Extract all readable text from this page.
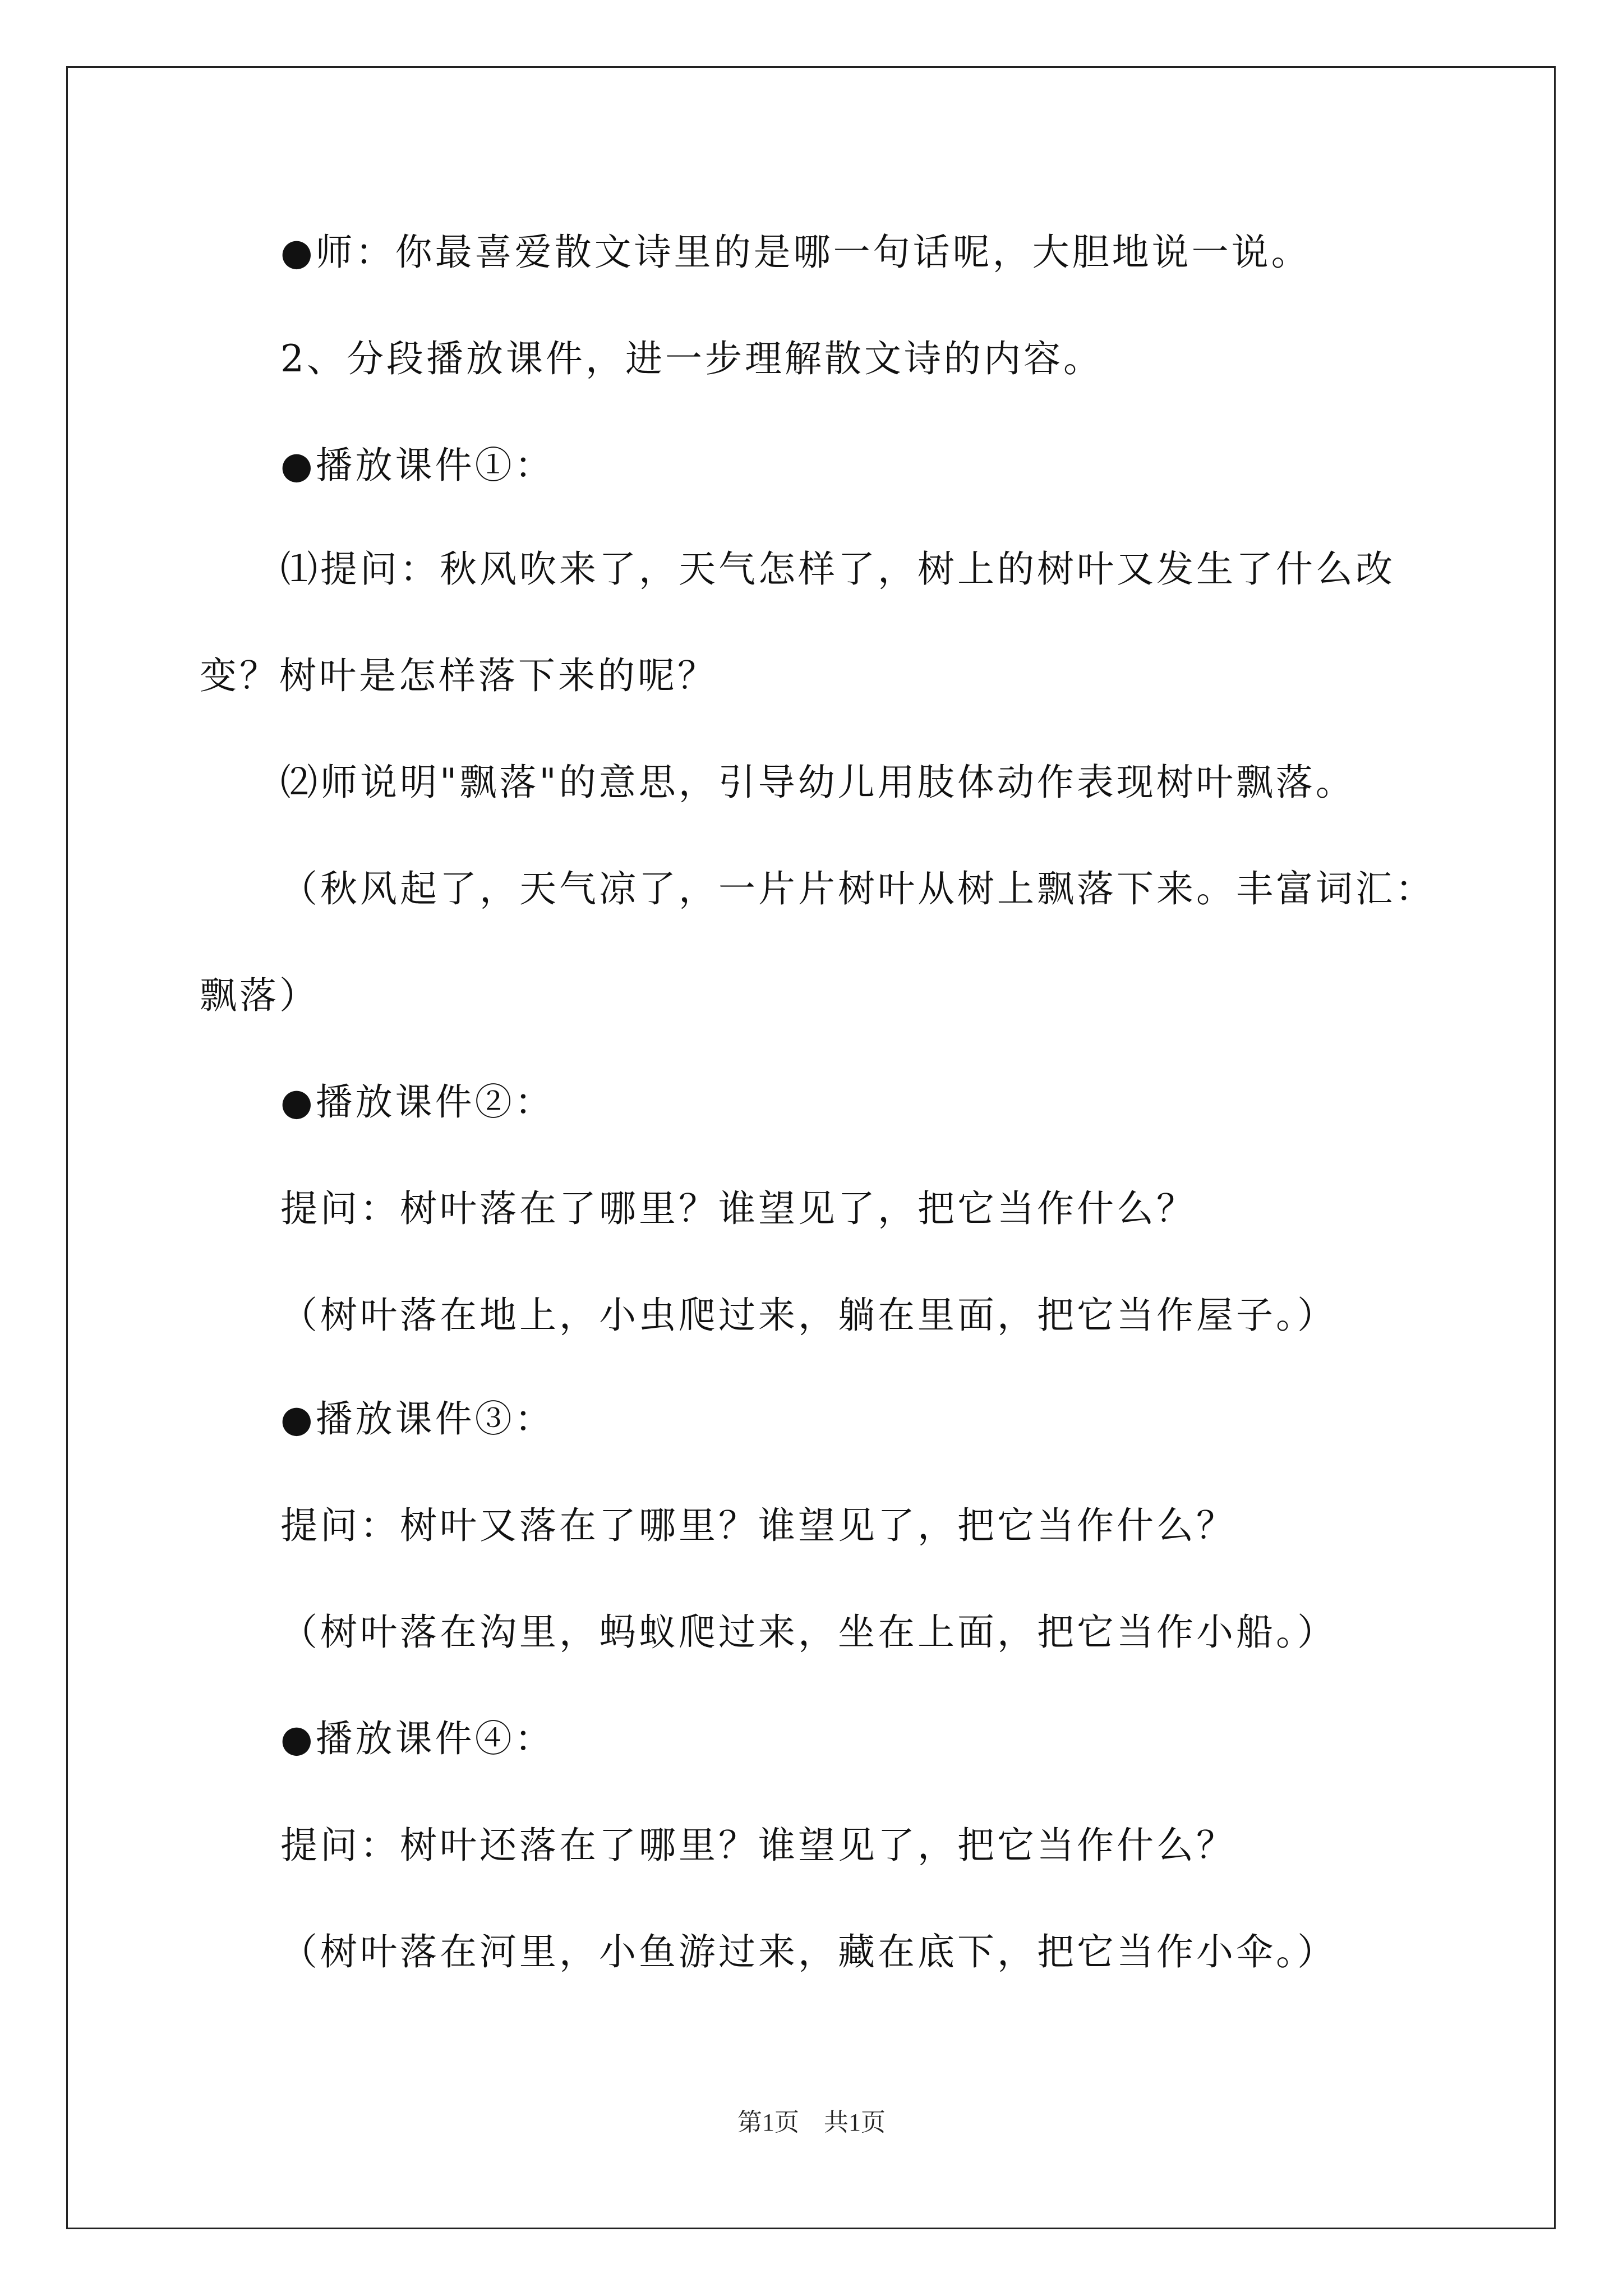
●师：你最喜爱散文诗里的是哪一句话呢，大胆地说一说。

2、分段播放课件，进一步理解散文诗的内容。

●播放课件①：

⑴提问：秋风吹来了，天气怎样了，树上的树叶又发生了什么改

变？树叶是怎样落下来的呢？

⑵师说明"飘落"的意思，引导幼儿用肢体动作表现树叶飘落。

（秋风起了，天气凉了，一片片树叶从树上飘落下来。丰富词汇：

飘落）

●播放课件②：

提问：树叶落在了哪里？谁望见了，把它当作什么？

（树叶落在地上，小虫爬过来，躺在里面，把它当作屋子。）

●播放课件③：

提问：树叶又落在了哪里？谁望见了，把它当作什么？

（树叶落在沟里，蚂蚁爬过来，坐在上面，把它当作小船。）

●播放课件④：

提问：树叶还落在了哪里？谁望见了，把它当作什么？

（树叶落在河里，小鱼游过来，藏在底下，把它当作小伞。）

第1页　共1页
